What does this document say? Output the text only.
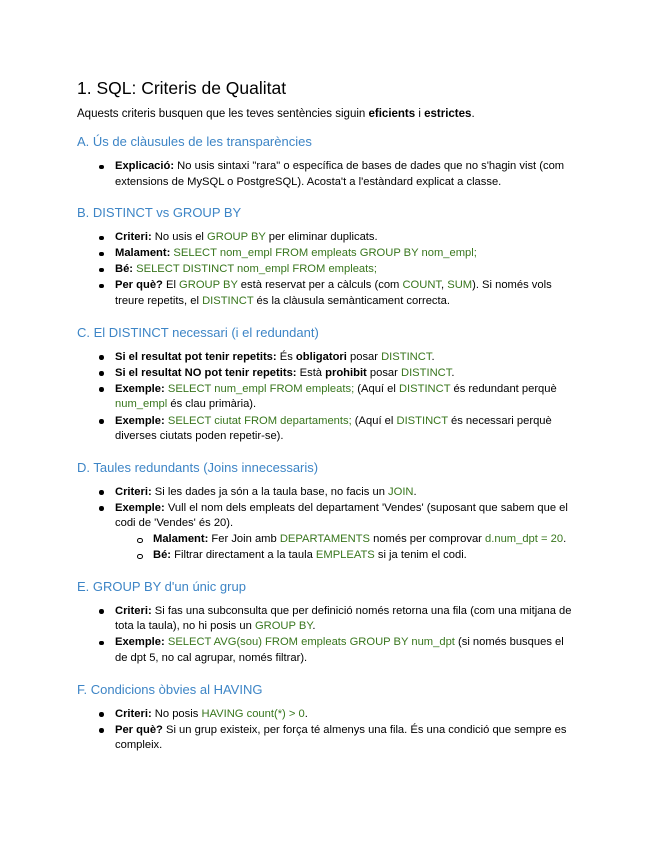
1. SQL: Criteris de Qualitat

Aquests criteris busquen que les teves sentències siguin eficients i estrictes.

A. Ús de clàusules de les transparències
Explicació: No usis sintaxi "rara" o específica de bases de dades que no s'hagin vist (com extensions de MySQL o PostgreSQL). Acosta't a l'estàndard explicat a classe.
B. DISTINCT vs GROUP BY
Criteri: No usis el GROUP BY per eliminar duplicats.
Malament: SELECT nom_empl FROM empleats GROUP BY nom_empl;
Bé: SELECT DISTINCT nom_empl FROM empleats;
Per què? El GROUP BY està reservat per a càlculs (com COUNT, SUM). Si només vols treure repetits, el DISTINCT és la clàusula semànticament correcta.
C. El DISTINCT necessari (i el redundant)
Si el resultat pot tenir repetits: És obligatori posar DISTINCT.
Si el resultat NO pot tenir repetits: Està prohibit posar DISTINCT.
Exemple: SELECT num_empl FROM empleats; (Aquí el DISTINCT és redundant perquè num_empl és clau primària).
Exemple: SELECT ciutat FROM departaments; (Aquí el DISTINCT és necessari perquè diverses ciutats poden repetir-se).
D. Taules redundants (Joins innecessaris)
Criteri: Si les dades ja són a la taula base, no facis un JOIN.
Exemple: Vull el nom dels empleats del departament 'Vendes' (suposant que sabem que el codi de 'Vendes' és 20).
Malament: Fer Join amb DEPARTAMENTS només per comprovar d.num_dpt = 20.
Bé: Filtrar directament a la taula EMPLEATS si ja tenim el codi.
E. GROUP BY d'un únic grup
Criteri: Si fas una subconsulta que per definició només retorna una fila (com una mitjana de tota la taula), no hi posis un GROUP BY.
Exemple: SELECT AVG(sou) FROM empleats GROUP BY num_dpt (si només busques el de dpt 5, no cal agrupar, només filtrar).
F. Condicions òbvies al HAVING
Criteri: No posis HAVING count(*) > 0.
Per què? Si un grup existeix, per força té almenys una fila. És una condició que sempre es compleix.
